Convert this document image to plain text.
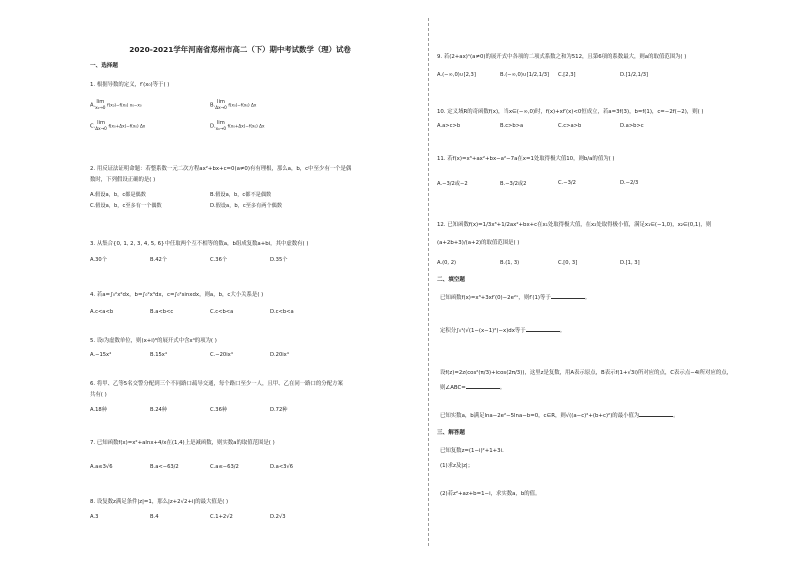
2020-2021学年河南省郑州市高二（下）期中考试数学（理）试卷
一、选择题
1. 根据导数的定义，f′(x₀)等于( )
A.
lim
x₀→0 f(x₀)−f(x₀) x₀−x₀	B.
lim
Δx→0 f(x₀)−f(x₀) Δx
C.
lim
Δx→0 f(x₀+Δx)−f(x₀) Δx	D.
lim
x₀→0 f(x₀+Δx)−f(x₀) Δx
2. 用反证法证明命题：若整系数一元二次方程ax²+bx+c=0(a≠0)有有理根，那么a，b，c中至少有一个是偶
数时，下列假设正确的是( )
A.假设a，b，c都是偶数	B.假设a，b，c都不是偶数
C.假设a，b，c至多有一个偶数	D.假设a，b，c至多有两个偶数
3. 从集合{0, 1, 2, 3, 4, 5, 6}中任取两个互不相等的数a，b组成复数a+bi，其中虚数有( )
A.30个	B.42个	C.36个	D.35个
4. 若a=∫₀²x²dx，b=∫₀²x³dx，c=∫₀²sinxdx，则a，b，c大小关系是( )
A.c<a<b	B.a<b<c	C.c<b<a	D.c<b<a
5. 设i为虚数单位，则(x+i)⁶的展开式中含x⁴的项为( )
A.−15x⁴	B.15x⁴	C.−20ix⁴	D.20ix⁴
6. 将甲、乙等5名交警分配到三个不同路口疏导交通，每个路口至少一人，且甲、乙在同一路口的分配方案
共有( )
A.18种	B.24种	C.36种	D.72种
7. 已知函数f(x)=x²+alnx+4/x在(1,4)上是减函数，则实数a的取值范围是( )
A.a≤3√6	B.a<−63/2	C.a≤−63/2	D.a<3√6
8. 设复数z满足条件|z|=1，那么|z+2√2+i|的最大值是( )
A.3	B.4	C.1+2√2	D.2√3
9. 若(2+ax)ⁿ(a≠0)的展开式中各项的二项式系数之和为512，且第6项的系数最大，则a的取值范围为( )
A.(−∞,0)∪[2,3]	B.(−∞,0)∪[1/2,1/3] C.[2,3]	D.[1/2,1/3]
10. 定义域R的奇函数f(x)，当x∈(−∞,0)时，f(x)+xf′(x)<0恒成立，若a=3f(3)，b=f(1)，c=−2f(−2)，则( )
A.a>c>b	B.c>b>a	C.c>a>b	D.a>b>c
11. 若f(x)=x³+ax²+bx−a²−7a在x=1处取得极大值10，则b/a的值为( )
A.−3/2或−2	B.−3/2或2	C.−3/2	D.−2/3
12. 已知函数f(x)=1/3x³+1/2ax²+bx+c在x₁处取得极大值，在x₂处取得极小值，满足x₁∈(−1,0)，x₂∈(0,1)，则
(a+2b+3)/(a+2)的取值范围是( )
A.(0, 2)	B.(1, 3)	C.[0, 3]	D.[1, 3]
二、填空题
已知函数f(x)=x³+3xf′(0)−2e²ˣ，则f′(1)等于	。
定积分∫₀¹(√(1−(x−1)²)−x)dx等于	。
设f(z)=2z(cos²(π/3)+icos(2π/3))，这里z是复数，用A表示原点，B表示f(1+√3i)所对应的点，C表示点−4i所对应的点，
则∠ABC=	。
已知实数a，b满足lna−2e²−5lna−b=0，c∈R，则√((a−c)²+(b+c)²)的最小值为	。
三、解答题
已知复数z=(1−i)²+1+3i．
(1)求z及|z|；
(2)若z²+az+b=1−i，求实数a，b的值。
